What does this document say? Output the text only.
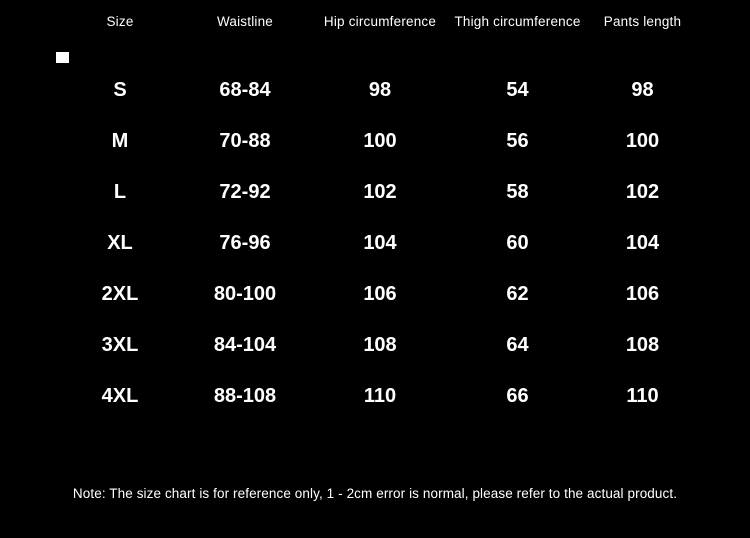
Size	Waistline	Hip circumference	Thigh circumference	Pants length
S	68-84	98	54	98
M	70-88	100	56	100
L	72-92	102	58	102
XL	76-96	104	60	104
2XL	80-100	106	62	106
3XL	84-104	108	64	108
4XL	88-108	110	66	110
Note: The size chart is for reference only, 1 - 2cm error is normal, please refer to the actual product.
